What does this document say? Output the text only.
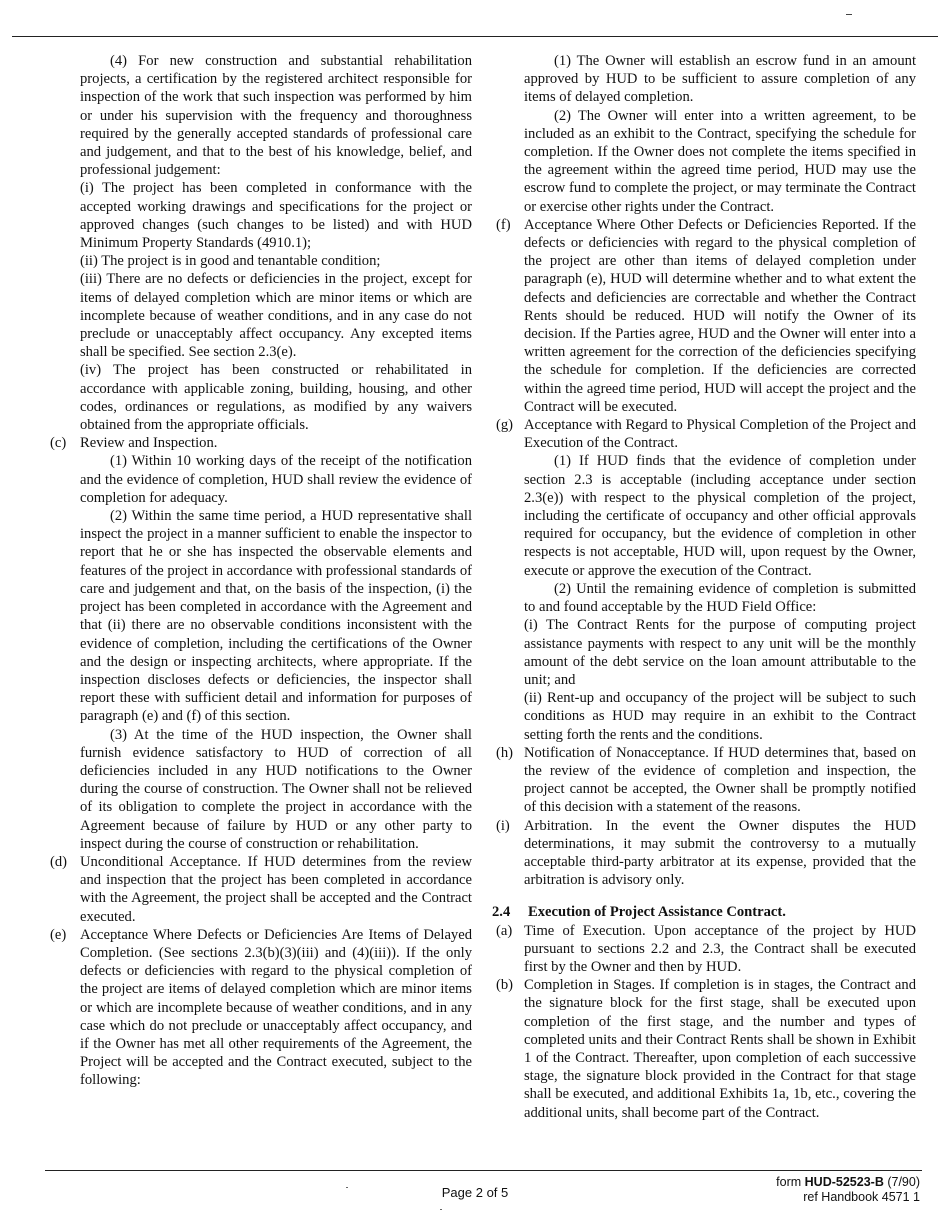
(4) For new construction and substantial rehabilitation projects, a certification by the registered architect responsible for inspection of the work that such inspection was performed by him or under his supervision with the frequency and thoroughness required by the generally accepted standards of professional care and judgement, and that to the best of his knowledge, belief, and professional judgement:

(i) The project has been completed in conformance with the accepted working drawings and specifications for the project or approved changes (such changes to be listed) and with HUD Minimum Property Standards (4910.1);

(ii) The project is in good and tenantable condition;

(iii) There are no defects or deficiencies in the project, except for items of delayed completion which are minor items or which are incomplete because of weather conditions, and in any case do not preclude or unacceptably affect occupancy. Any excepted items shall be specified. See section 2.3(e).

(iv) The project has been constructed or rehabilitated in accordance with applicable zoning, building, housing, and other codes, ordinances or regulations, as modified by any waivers obtained from the appropriate officials.

(c) Review and Inspection.

(1) Within 10 working days of the receipt of the notification and the evidence of completion, HUD shall review the evidence of completion for adequacy.

(2) Within the same time period, a HUD representative shall inspect the project in a manner sufficient to enable the inspector to report that he or she has inspected the observable elements and features of the project in accordance with professional standards of care and judgement and that, on the basis of the inspection, (i) the project has been completed in accordance with the Agreement and that (ii) there are no observable conditions inconsistent with the evidence of completion, including the certifications of the Owner and the design or inspecting architects, where appropriate. If the inspection discloses defects or deficiencies, the inspector shall report these with sufficient detail and information for purposes of paragraph (e) and (f) of this section.

(3) At the time of the HUD inspection, the Owner shall furnish evidence satisfactory to HUD of correction of all deficiencies included in any HUD notifications to the Owner during the course of construction. The Owner shall not be relieved of its obligation to complete the project in accordance with the Agreement because of failure by HUD or any other party to inspect during the course of construction or rehabilitation.

(d) Unconditional Acceptance. If HUD determines from the review and inspection that the project has been completed in accordance with the Agreement, the project shall be accepted and the Contract executed.
(e) Acceptance Where Defects or Deficiencies Are Items of Delayed Completion. (See sections 2.3(b)(3)(iii) and (4)(iii)). If the only defects or deficiencies with regard to the physical completion of the project are items of delayed completion which are minor items or which are incomplete because of weather conditions, and in any case which do not preclude or unacceptably affect occupancy, and if the Owner has met all other requirements of the Agreement, the Project will be accepted and the Contract executed, subject to the following:

(1) The Owner will establish an escrow fund in an amount approved by HUD to be sufficient to assure completion of any items of delayed completion.

(2) The Owner will enter into a written agreement, to be included as an exhibit to the Contract, specifying the schedule for completion. If the Owner does not complete the items specified in the agreement within the agreed time period, HUD may use the escrow fund to complete the project, or may terminate the Contract or exercise other rights under the Contract.

(f) Acceptance Where Other Defects or Deficiencies Reported. If the defects or deficiencies with regard to the physical completion of the project are other than items of delayed completion under paragraph (e), HUD will determine whether and to what extent the defects and deficiencies are correctable and whether the Contract Rents should be reduced. HUD will notify the Owner of its decision. If the Parties agree, HUD and the Owner will enter into a written agreement for the correction of the deficiencies specifying the schedule for completion. If the deficiencies are corrected within the agreed time period, HUD will accept the project and the Contract will be executed.
(g) Acceptance with Regard to Physical Completion of the Project and Execution of the Contract.

(1) If HUD finds that the evidence of completion under section 2.3 is acceptable (including acceptance under section 2.3(e)) with respect to the physical completion of the project, including the certificate of occupancy and other official approvals required for occupancy, but the evidence of completion in other respects is not acceptable, HUD will, upon request by the Owner, execute or approve the execution of the Contract.

(2) Until the remaining evidence of completion is submitted to and found acceptable by the HUD Field Office:

(i) The Contract Rents for the purpose of computing project assistance payments with respect to any unit will be the monthly amount of the debt service on the loan amount attributable to the unit; and

(ii) Rent-up and occupancy of the project will be subject to such conditions as HUD may require in an exhibit to the Contract setting forth the rents and the conditions.

(h) Notification of Nonacceptance. If HUD determines that, based on the review of the evidence of completion and inspection, the project cannot be accepted, the Owner shall be promptly notified of this decision with a statement of the reasons.
(i) Arbitration. In the event the Owner disputes the HUD determinations, it may submit the controversy to a mutually acceptable third-party arbitrator at its expense, provided that the arbitration is advisory only.
2.4 Execution of Project Assistance Contract.
(a) Time of Execution. Upon acceptance of the project by HUD pursuant to sections 2.2 and 2.3, the Contract shall be executed first by the Owner and then by HUD.
(b) Completion in Stages. If completion is in stages, the Contract and the signature block for the first stage, shall be executed upon completion of the first stage, and the number and types of completed units and their Contract Rents shall be shown in Exhibit 1 of the Contract. Thereafter, upon completion of each successive stage, the signature block provided in the Contract for that stage shall be executed, and additional Exhibits 1a, 1b, etc., covering the additional units, shall become part of the Contract.
Page 2 of 5
form HUD-52523-B (7/90)
ref Handbook 4571 1
